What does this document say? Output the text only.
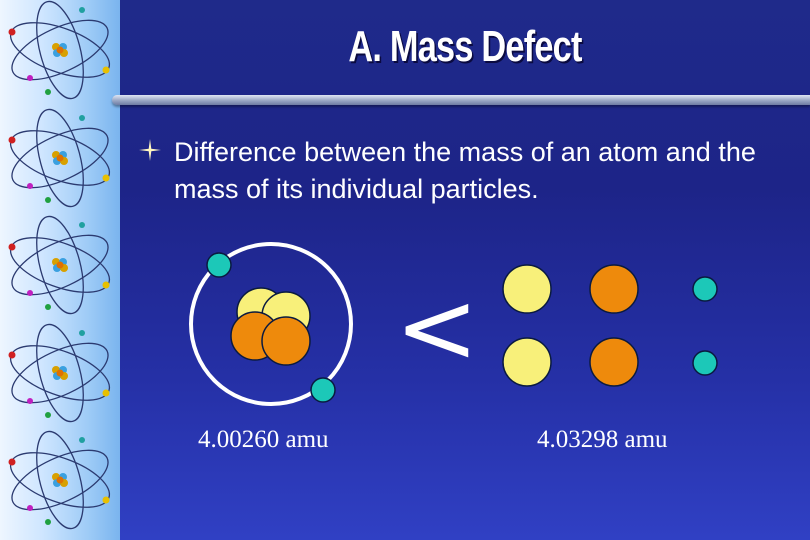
A. Mass Defect
Difference between the mass of an atom and the mass of its individual particles.
<
4.00260 amu	4.03298 amu
